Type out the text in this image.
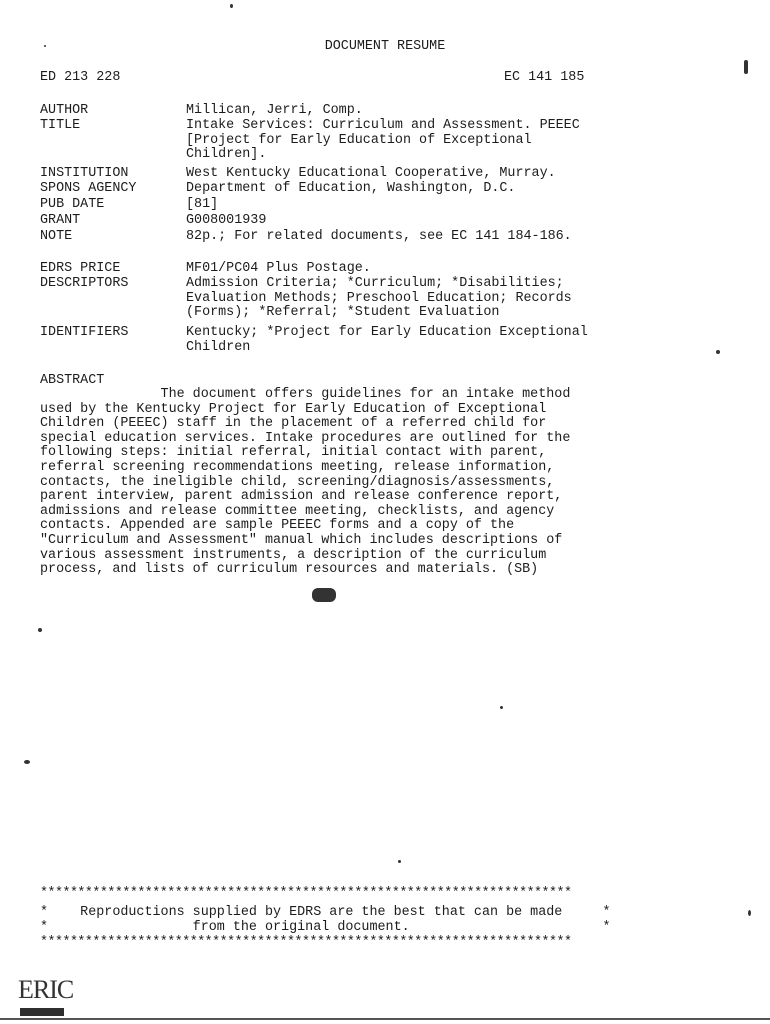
DOCUMENT RESUME
ED 213 228	EC 141 185
AUTHOR	Millican, Jerri, Comp.
TITLE	Intake Services: Curriculum and Assessment. PEEEC
[Project for Early Education of Exceptional
Children].
INSTITUTION	West Kentucky Educational Cooperative, Murray.
SPONS AGENCY	Department of Education, Washington, D.C.
PUB DATE	[81]
GRANT	G008001939
NOTE	82p.; For related documents, see EC 141 184-186.
EDRS PRICE	MF01/PC04 Plus Postage.
DESCRIPTORS	Admission Criteria; *Curriculum; *Disabilities;
Evaluation Methods; Preschool Education; Records
(Forms); *Referral; *Student Evaluation
IDENTIFIERS	Kentucky; *Project for Early Education Exceptional
Children
ABSTRACT
The document offers guidelines for an intake method
used by the Kentucky Project for Early Education of Exceptional
Children (PEEEC) staff in the placement of a referred child for
special education services. Intake procedures are outlined for the
following steps: initial referral, initial contact with parent,
referral screening recommendations meeting, release information,
contacts, the ineligible child, screening/diagnosis/assessments,
parent interview, parent admission and release conference report,
admissions and release committee meeting, checklists, and agency
contacts. Appended are sample PEEEC forms and a copy of the
"Curriculum and Assessment" manual which includes descriptions of
various assessment instruments, a description of the curriculum
process, and lists of curriculum resources and materials. (SB)
***********************************************************************
*    Reproductions supplied by EDRS are the best that can be made     *
*                  from the original document.                        *
***********************************************************************
ERIC
